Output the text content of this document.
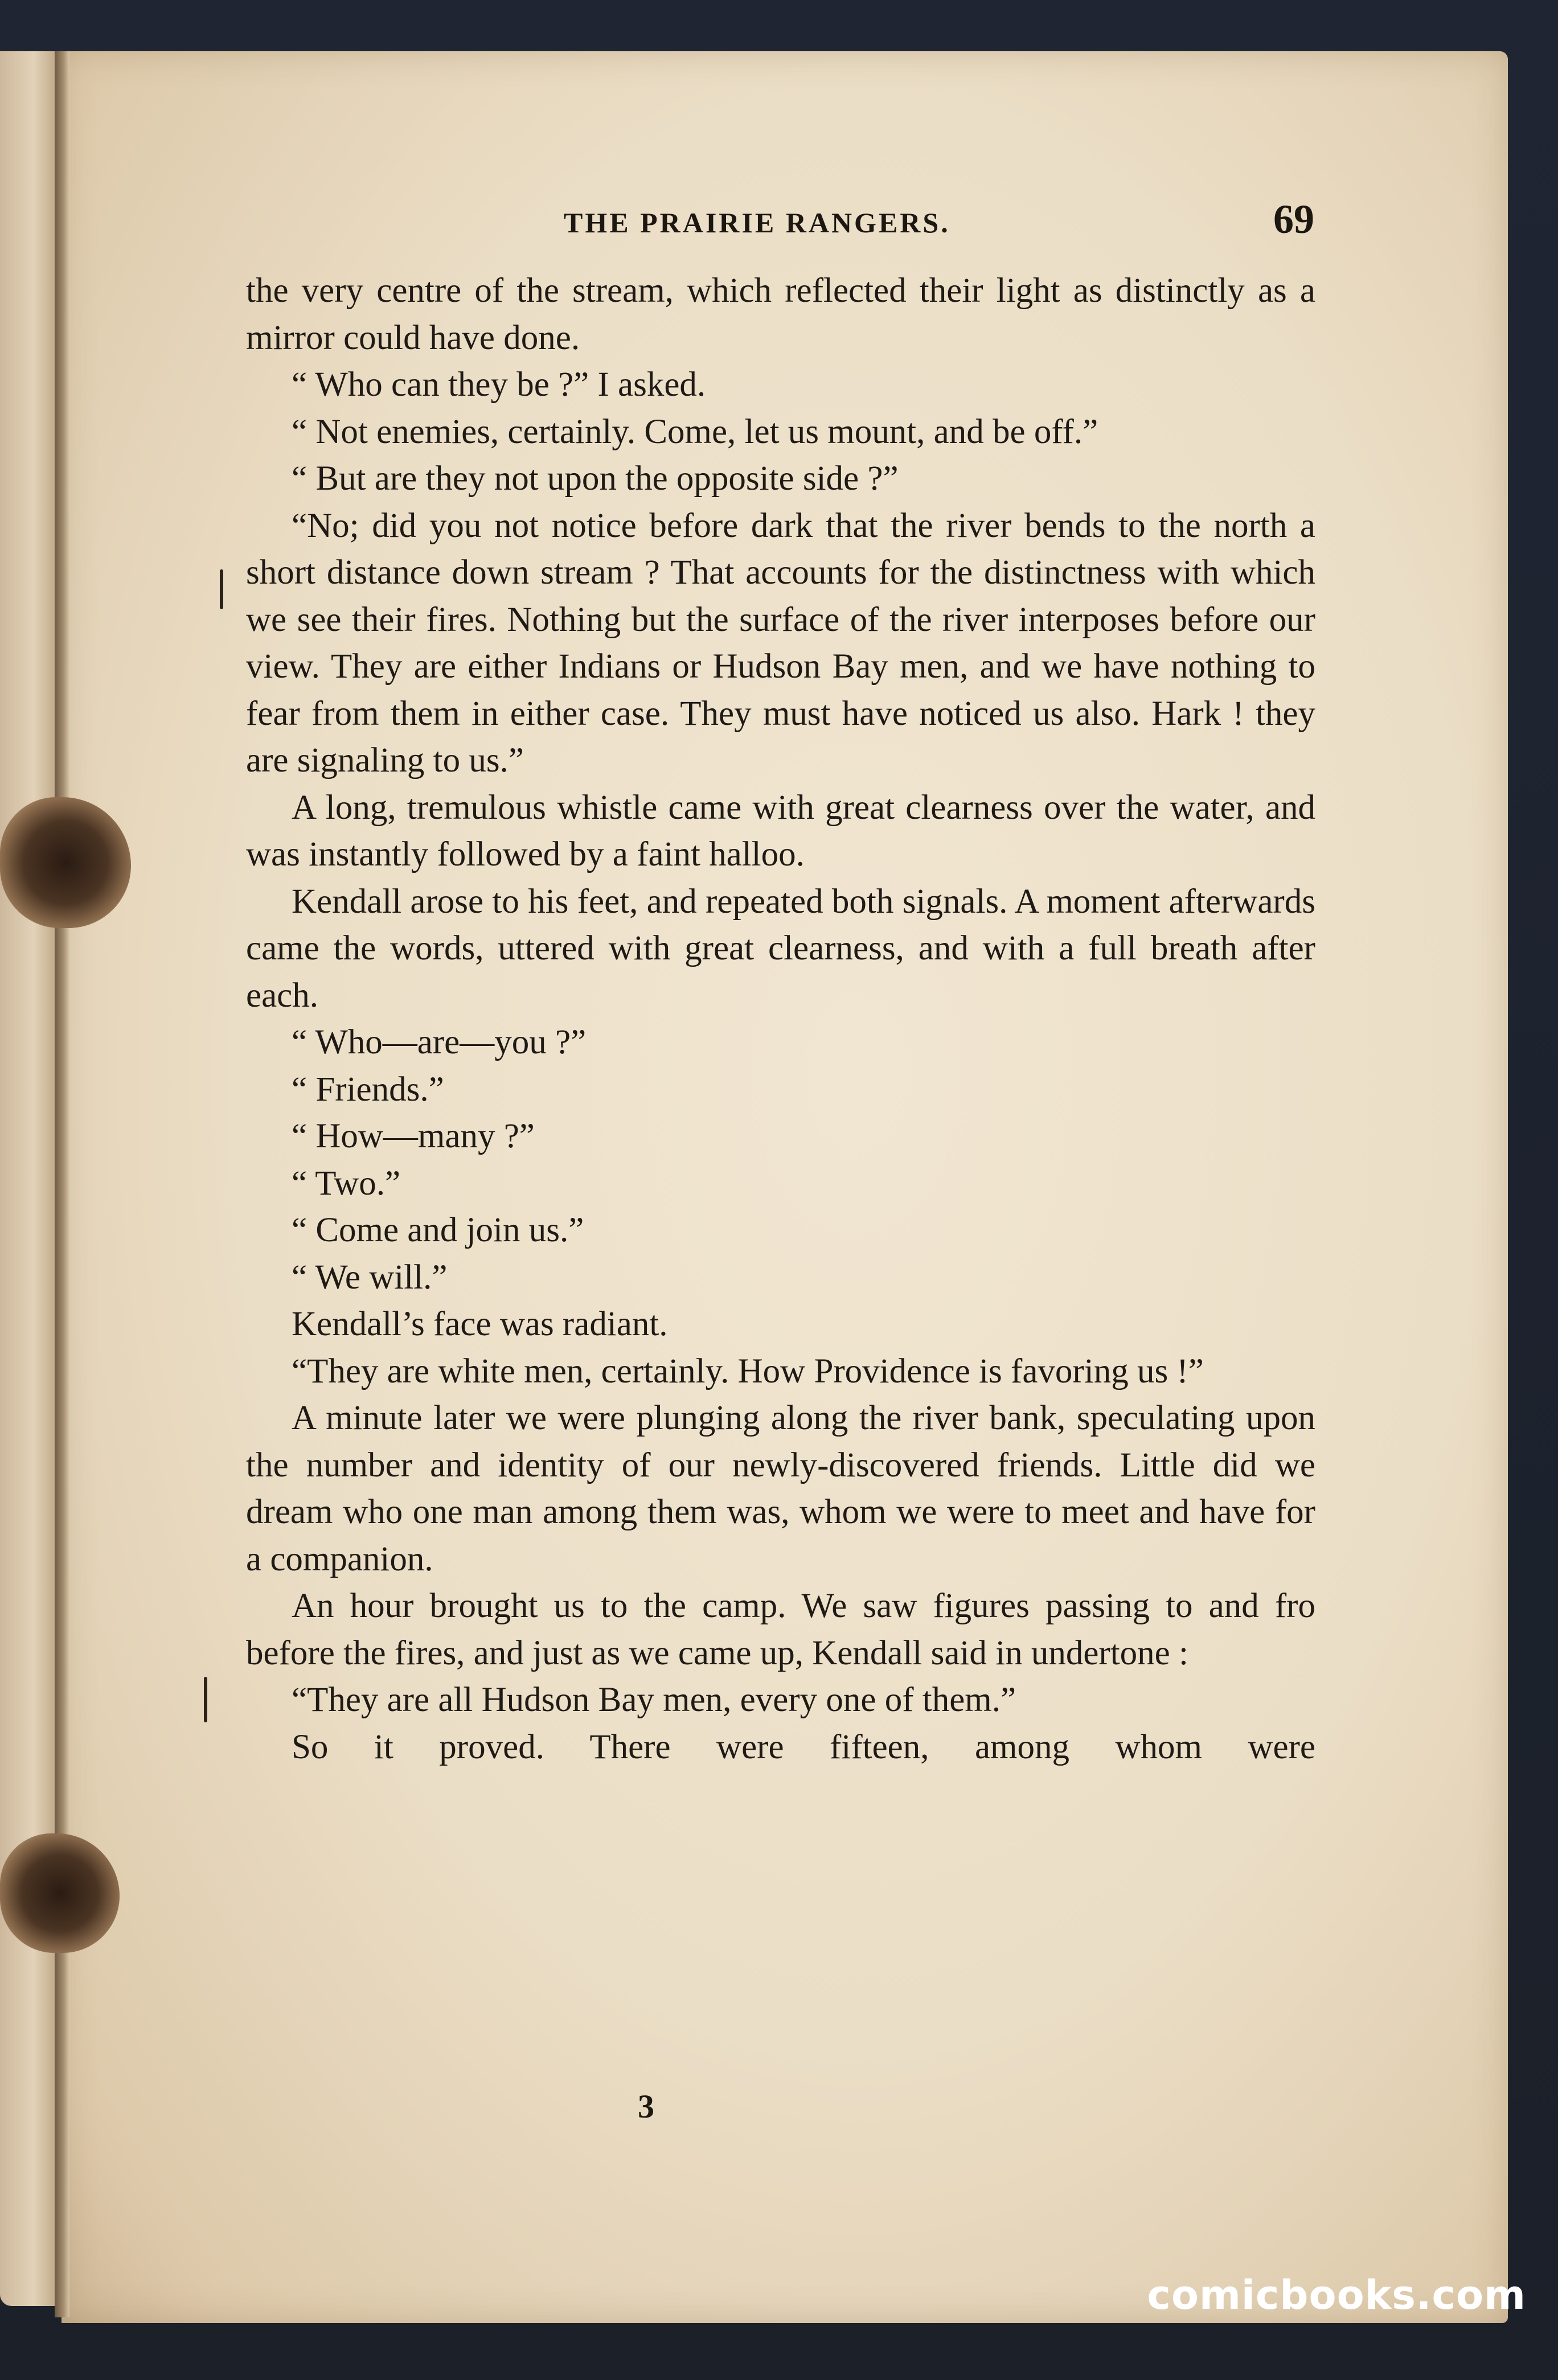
THE PRAIRIE RANGERS.	69

the very centre of the stream, which reflected their light as distinctly as a mirror could have done.

“ Who can they be ?” I asked.

“ Not enemies, certainly. Come, let us mount, and be off.”

“ But are they not upon the opposite side ?”

“No; did you not notice before dark that the river bends to the north a short distance down stream ? That accounts for the distinctness with which we see their fires. Nothing but the surface of the river interposes before our view. They are either Indians or Hudson Bay men, and we have nothing to fear from them in either case. They must have noticed us also. Hark ! they are signaling to us.”

A long, tremulous whistle came with great clearness over the water, and was instantly followed by a faint halloo.

Kendall arose to his feet, and repeated both signals. A moment afterwards came the words, uttered with great clearness, and with a full breath after each.

“ Who—are—you ?”

“ Friends.”

“ How—many ?”

“ Two.”

“ Come and join us.”

“ We will.”

Kendall’s face was radiant.

“They are white men, certainly. How Providence is favoring us !”

A minute later we were plunging along the river bank, speculating upon the number and identity of our newly-discovered friends. Little did we dream who one man among them was, whom we were to meet and have for a companion.

An hour brought us to the camp. We saw figures passing to and fro before the fires, and just as we came up, Kendall said in undertone :

“They are all Hudson Bay men, every one of them.”

So it proved. There were fifteen, among whom were

3
comicbooks.com
